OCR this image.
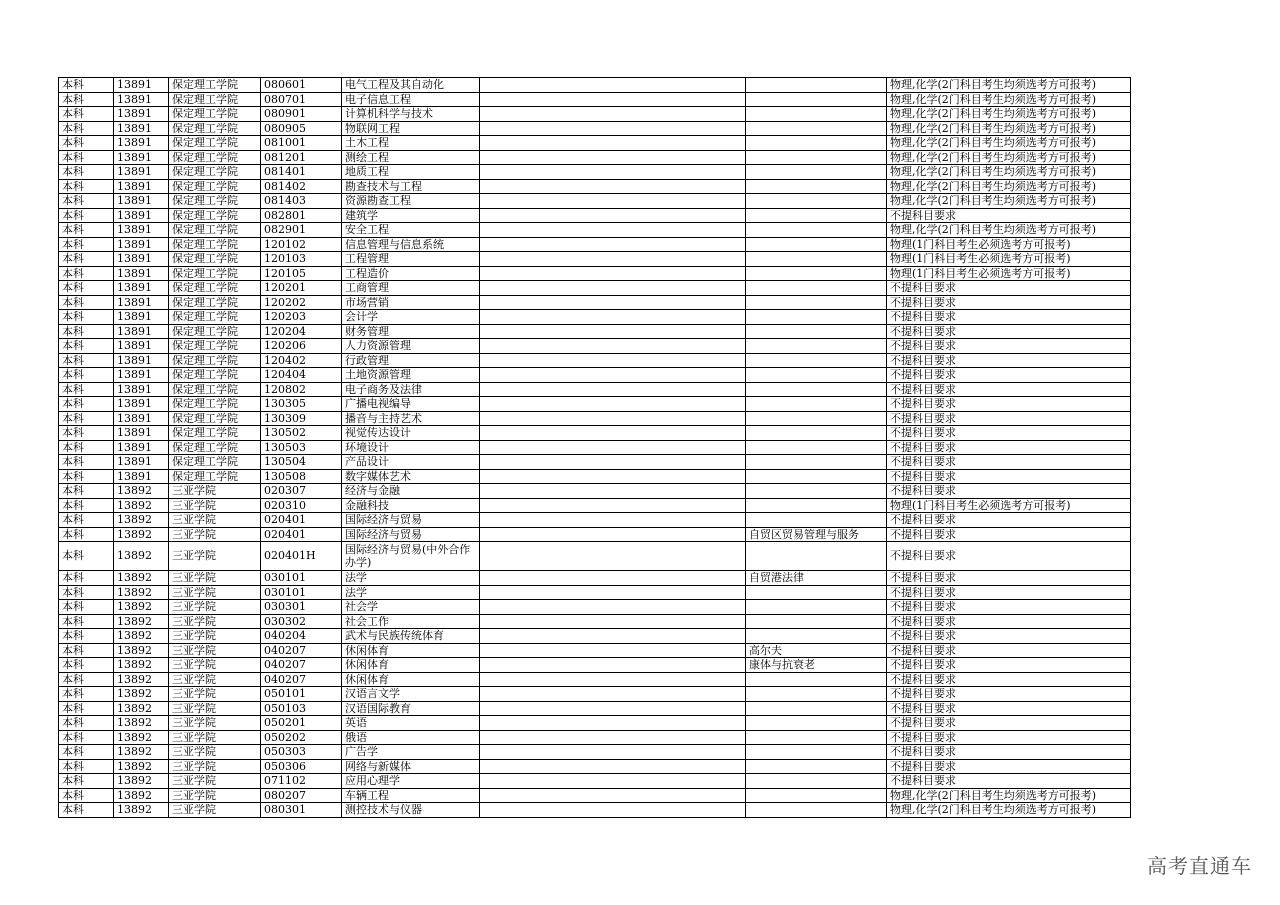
本科	13891	保定理工学院	080601	电气工程及其自动化			物理,化学(2门科目考生均须选考方可报考)
本科	13891	保定理工学院	080701	电子信息工程			物理,化学(2门科目考生均须选考方可报考)
本科	13891	保定理工学院	080901	计算机科学与技术			物理,化学(2门科目考生均须选考方可报考)
本科	13891	保定理工学院	080905	物联网工程			物理,化学(2门科目考生均须选考方可报考)
本科	13891	保定理工学院	081001	土木工程			物理,化学(2门科目考生均须选考方可报考)
本科	13891	保定理工学院	081201	测绘工程			物理,化学(2门科目考生均须选考方可报考)
本科	13891	保定理工学院	081401	地质工程			物理,化学(2门科目考生均须选考方可报考)
本科	13891	保定理工学院	081402	勘查技术与工程			物理,化学(2门科目考生均须选考方可报考)
本科	13891	保定理工学院	081403	资源勘查工程			物理,化学(2门科目考生均须选考方可报考)
本科	13891	保定理工学院	082801	建筑学			不提科目要求
本科	13891	保定理工学院	082901	安全工程			物理,化学(2门科目考生均须选考方可报考)
本科	13891	保定理工学院	120102	信息管理与信息系统			物理(1门科目考生必须选考方可报考)
本科	13891	保定理工学院	120103	工程管理			物理(1门科目考生必须选考方可报考)
本科	13891	保定理工学院	120105	工程造价			物理(1门科目考生必须选考方可报考)
本科	13891	保定理工学院	120201	工商管理			不提科目要求
本科	13891	保定理工学院	120202	市场营销			不提科目要求
本科	13891	保定理工学院	120203	会计学			不提科目要求
本科	13891	保定理工学院	120204	财务管理			不提科目要求
本科	13891	保定理工学院	120206	人力资源管理			不提科目要求
本科	13891	保定理工学院	120402	行政管理			不提科目要求
本科	13891	保定理工学院	120404	土地资源管理			不提科目要求
本科	13891	保定理工学院	120802	电子商务及法律			不提科目要求
本科	13891	保定理工学院	130305	广播电视编导			不提科目要求
本科	13891	保定理工学院	130309	播音与主持艺术			不提科目要求
本科	13891	保定理工学院	130502	视觉传达设计			不提科目要求
本科	13891	保定理工学院	130503	环境设计			不提科目要求
本科	13891	保定理工学院	130504	产品设计			不提科目要求
本科	13891	保定理工学院	130508	数字媒体艺术			不提科目要求
本科	13892	三亚学院	020307	经济与金融			不提科目要求
本科	13892	三亚学院	020310	金融科技			物理(1门科目考生必须选考方可报考)
本科	13892	三亚学院	020401	国际经济与贸易			不提科目要求
本科	13892	三亚学院	020401	国际经济与贸易		自贸区贸易管理与服务	不提科目要求
本科	13892	三亚学院	020401H	国际经济与贸易(中外合作办学)			不提科目要求
本科	13892	三亚学院	030101	法学		自贸港法律	不提科目要求
本科	13892	三亚学院	030101	法学			不提科目要求
本科	13892	三亚学院	030301	社会学			不提科目要求
本科	13892	三亚学院	030302	社会工作			不提科目要求
本科	13892	三亚学院	040204	武术与民族传统体育			不提科目要求
本科	13892	三亚学院	040207	休闲体育		高尔夫	不提科目要求
本科	13892	三亚学院	040207	休闲体育		康体与抗衰老	不提科目要求
本科	13892	三亚学院	040207	休闲体育			不提科目要求
本科	13892	三亚学院	050101	汉语言文学			不提科目要求
本科	13892	三亚学院	050103	汉语国际教育			不提科目要求
本科	13892	三亚学院	050201	英语			不提科目要求
本科	13892	三亚学院	050202	俄语			不提科目要求
本科	13892	三亚学院	050303	广告学			不提科目要求
本科	13892	三亚学院	050306	网络与新媒体			不提科目要求
本科	13892	三亚学院	071102	应用心理学			不提科目要求
本科	13892	三亚学院	080207	车辆工程			物理,化学(2门科目考生均须选考方可报考)
本科	13892	三亚学院	080301	测控技术与仪器			物理,化学(2门科目考生均须选考方可报考)
高考直通车
